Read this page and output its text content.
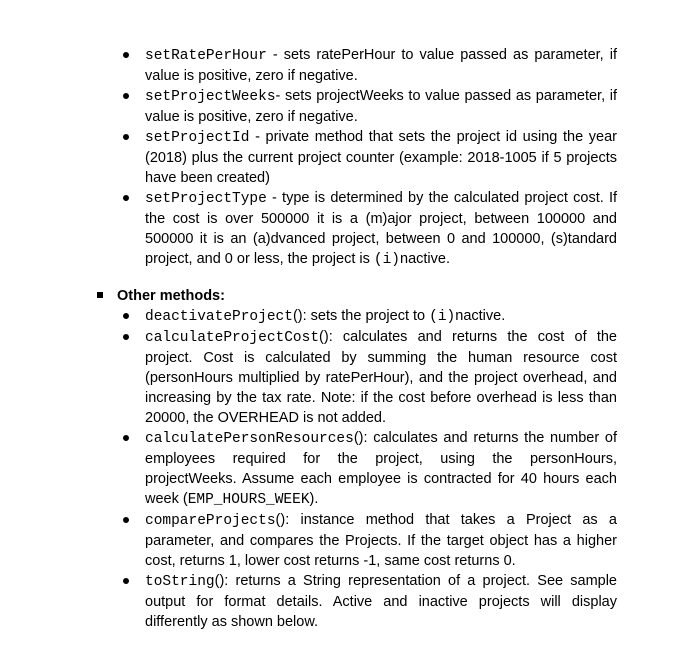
setRatePerHour - sets ratePerHour to value passed as parameter, if value is positive, zero if negative.
setProjectWeeks- sets projectWeeks to value passed as parameter, if value is positive, zero if negative.
setProjectId - private method that sets the project id using the year (2018) plus the current project counter (example: 2018-1005 if 5 projects have been created)
setProjectType - type is determined by the calculated project cost. If the cost is over 500000 it is a (m)ajor project, between 100000 and 500000 it is an (a)dvanced project, between 0 and 100000, (s)tandard project, and 0 or less, the project is (i)nactive.
Other methods:
deactivateProject(): sets the project to (i)nactive.
calculateProjectCost(): calculates and returns the cost of the project. Cost is calculated by summing the human resource cost (personHours multiplied by ratePerHour), and the project overhead, and increasing by the tax rate. Note: if the cost before overhead is less than 20000, the OVERHEAD is not added.
calculatePersonResources(): calculates and returns the number of employees required for the project, using the personHours, projectWeeks. Assume each employee is contracted for 40 hours each week (EMP_HOURS_WEEK).
compareProjects(): instance method that takes a Project as a parameter, and compares the Projects. If the target object has a higher cost, returns 1, lower cost returns -1, same cost returns 0.
toString(): returns a String representation of a project. See sample output for format details. Active and inactive projects will display differently as shown below.
